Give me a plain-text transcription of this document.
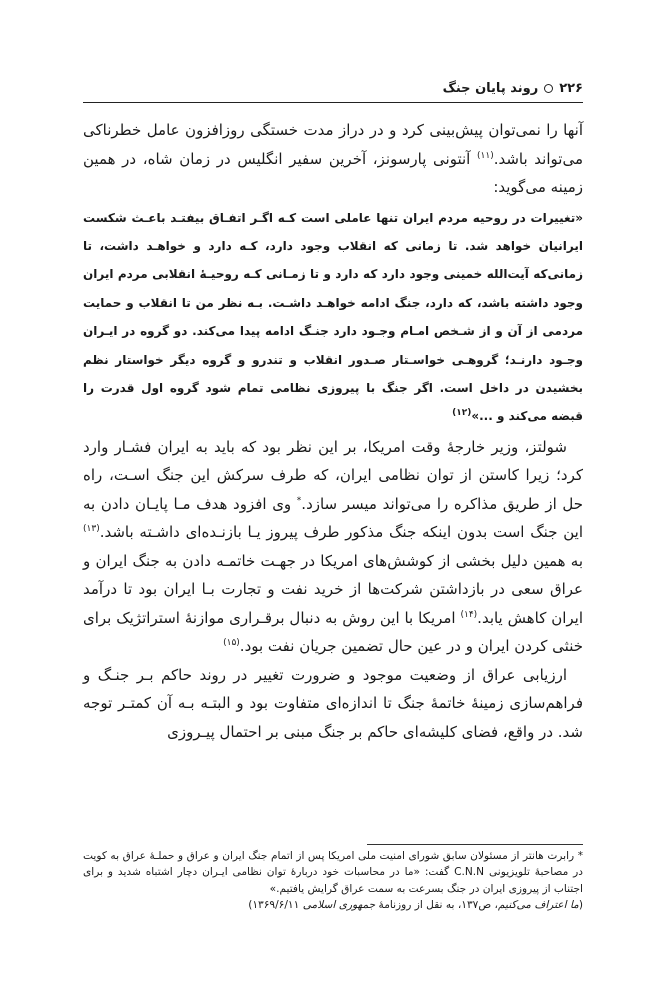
۲۲۶روند پایان جنگ

آنها را نمی‌توان پیش‌بینی کرد و در دراز مدت خستگی روزافزون عامل خطرناکی می‌تواند باشد.$^{(۱۱)}$ آنتونی پارسونز، آخرین سفیر انگلیس در زمان شاه، در همین زمینه می‌گوید:

«تغییرات در روحیه مردم ایران تنها عاملی است کـه اگـر اتفـاق بیفتـد باعـث شکست ایرانیان خواهد شد. تا زمانی که انقلاب وجود دارد، کـه دارد و خواهـد داشت، تا زمانی‌که آیت‌الله خمینی وجود دارد که دارد و تا زمـانی کـه روحیـۀ انقلابی مردم ایران وجود داشته باشد، که دارد، جنگ ادامه خواهـد داشـت. بـه نظر من تا انقلاب و حمایت مردمی از آن و از شـخص امـام وجـود دارد جنـگ ادامه پیدا می‌کند. دو گروه در ایـران وجـود دارنـد؛ گروهـی خواسـتار صـدور انقلاب و تندرو و گروه دیگر خواستار نظم بخشیدن در داخل است. اگر جنگ با پیروزی نظامی تمام شود گروه اول قدرت را قبضه می‌کند و ...»$^{(۱۲)}$

شولتز، وزیر خارجۀ وقت امریکا، بر این نظر بود که باید به ایران فشـار وارد کرد؛ زیرا کاستن از توان نظامی ایران، که طرف سرکش این جنگ اسـت، راه حل از طریق مذاکره را می‌تواند میسر سازد.* وی افزود هدف مـا پایـان دادن به این جنگ است بدون اینکه جنگ مذکور طرف پیروز یـا بازنـده‌ای داشـته باشد.$^{(۱۳)}$ به همین دلیل بخشی از کوشش‌های امریکا در جهـت خاتمـه دادن به جنگ ایران و عراق سعی در بازداشتن شرکت‌ها از خرید نفت و تجارت بـا ایران بود تا درآمد ایران کاهش یابد.$^{(۱۴)}$ امریکا با این روش به دنبال برقـراری موازنۀ استراتژیک برای خنثی کردن ایران و در عین حال تضمین جریان نفت بود.$^{(۱۵)}$

ارزیابی عراق از وضعیت موجود و ضرورت تغییر در روند حاکم بـر جنـگ و فراهم‌سازی زمینۀ خاتمۀ جنگ تا اندازه‌ای متفاوت بود و البتـه بـه آن کمتـر توجه شد. در واقع، فضای کلیشه‌ای حاکم بر جنگ مبنی بر احتمال پیـروزی

* رابرت هانتر از مسئولان سابق شورای امنیت ملی امریکا پس از اتمام جنگ ایران و عراق و حملـۀ عراق به کویت در مصاحبۀ تلویزیونی C.N.N گفت: «ما در محاسبات خود دربارۀ توان نظامی ایـران دچار اشتباه شدید و برای اجتناب از پیروزی ایران در جنگ بسرعت به سمت عراق گرایش یافتیم.»

(ما اعتراف می‌کنیم، ص۱۳۷، به نقل از روزنامۀ جمهوری اسلامی ۱۳۶۹/۶/۱۱)
